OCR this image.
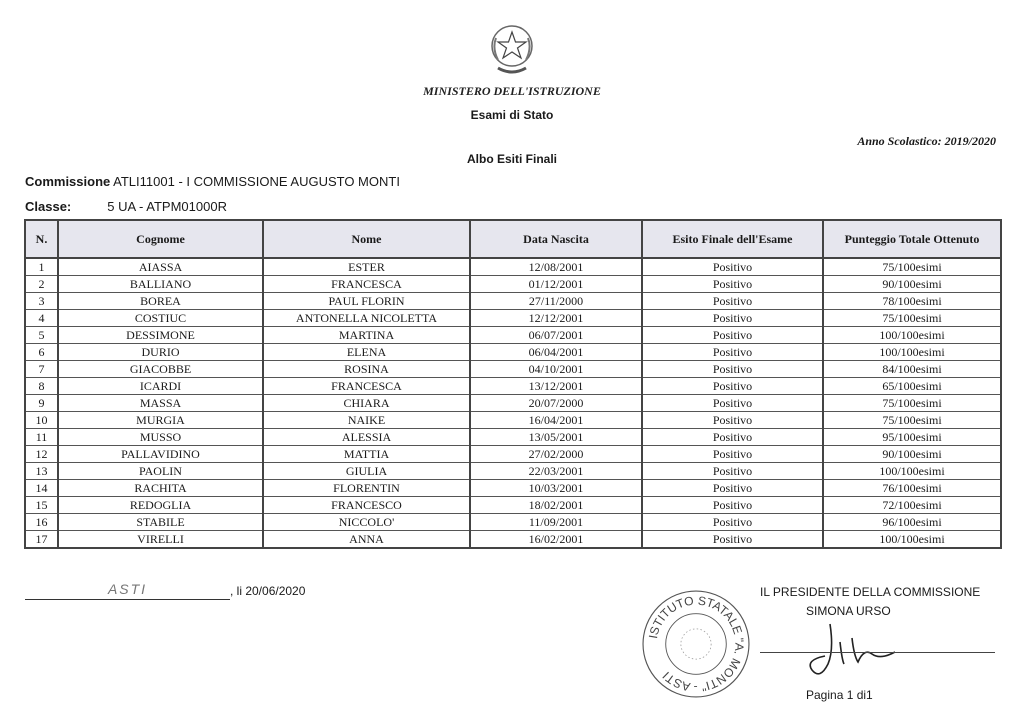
MINISTERO DELL'ISTRUZIONE
Esami di Stato
Anno Scolastico: 2019/2020
Albo Esiti Finali
Commissione ATLI11001 - I COMMISSIONE AUGUSTO MONTI
Classe:	5 UA - ATPM01000R
N.	Cognome	Nome	Data Nascita	Esito Finale dell'Esame	Punteggio Totale Ottenuto
1	AIASSA	ESTER	12/08/2001	Positivo	75/100esimi
2	BALLIANO	FRANCESCA	01/12/2001	Positivo	90/100esimi
3	BOREA	PAUL FLORIN	27/11/2000	Positivo	78/100esimi
4	COSTIUC	ANTONELLA NICOLETTA	12/12/2001	Positivo	75/100esimi
5	DESSIMONE	MARTINA	06/07/2001	Positivo	100/100esimi
6	DURIO	ELENA	06/04/2001	Positivo	100/100esimi
7	GIACOBBE	ROSINA	04/10/2001	Positivo	84/100esimi
8	ICARDI	FRANCESCA	13/12/2001	Positivo	65/100esimi
9	MASSA	CHIARA	20/07/2000	Positivo	75/100esimi
10	MURGIA	NAIKE	16/04/2001	Positivo	75/100esimi
11	MUSSO	ALESSIA	13/05/2001	Positivo	95/100esimi
12	PALLAVIDINO	MATTIA	27/02/2000	Positivo	90/100esimi
13	PAOLIN	GIULIA	22/03/2001	Positivo	100/100esimi
14	RACHITA	FLORENTIN	10/03/2001	Positivo	76/100esimi
15	REDOGLIA	FRANCESCO	18/02/2001	Positivo	72/100esimi
16	STABILE	NICCOLO'	11/09/2001	Positivo	96/100esimi
17	VIRELLI	ANNA	16/02/2001	Positivo	100/100esimi
ASTI	, li 20/06/2020
ISTITUTO STATALE "A. MONTI" - ASTI
IL PRESIDENTE DELLA COMMISSIONE
SIMONA URSO
Pagina 1 di1
